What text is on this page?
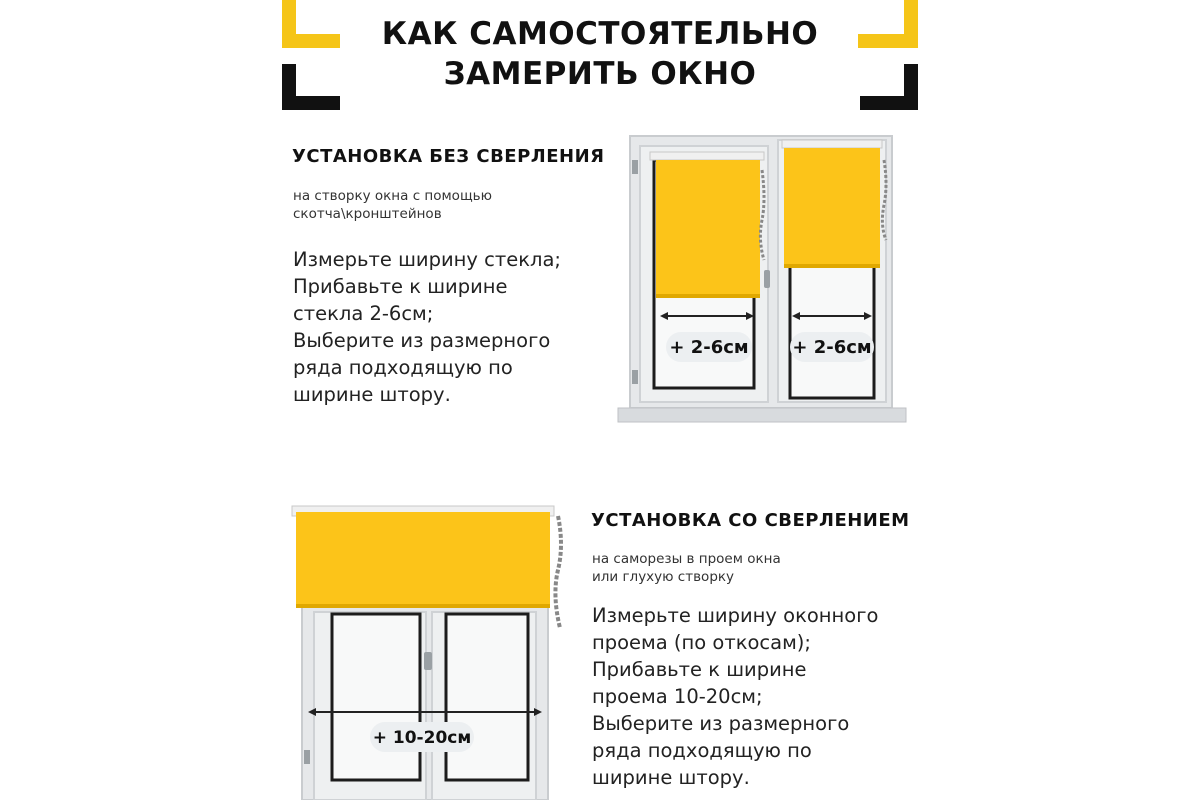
КАК САМОСТОЯТЕЛЬНО
ЗАМЕРИТЬ ОКНО
УСТАНОВКА БЕЗ СВЕРЛЕНИЯ
на створку окна с помощью
скотча\кронштейнов
Измерьте ширину стекла;
Прибавьте к ширине
стекла 2-6см;
Выберите из размерного
ряда подходящую по
ширине штору.
+ 2-6см + 2-6см
+ 10-20см
УСТАНОВКА СО СВЕРЛЕНИЕМ
на саморезы в проем окна
или глухую створку
Измерьте ширину оконного
проема (по откосам);
Прибавьте к ширине
проема 10-20см;
Выберите из размерного
ряда подходящую по
ширине штору.
